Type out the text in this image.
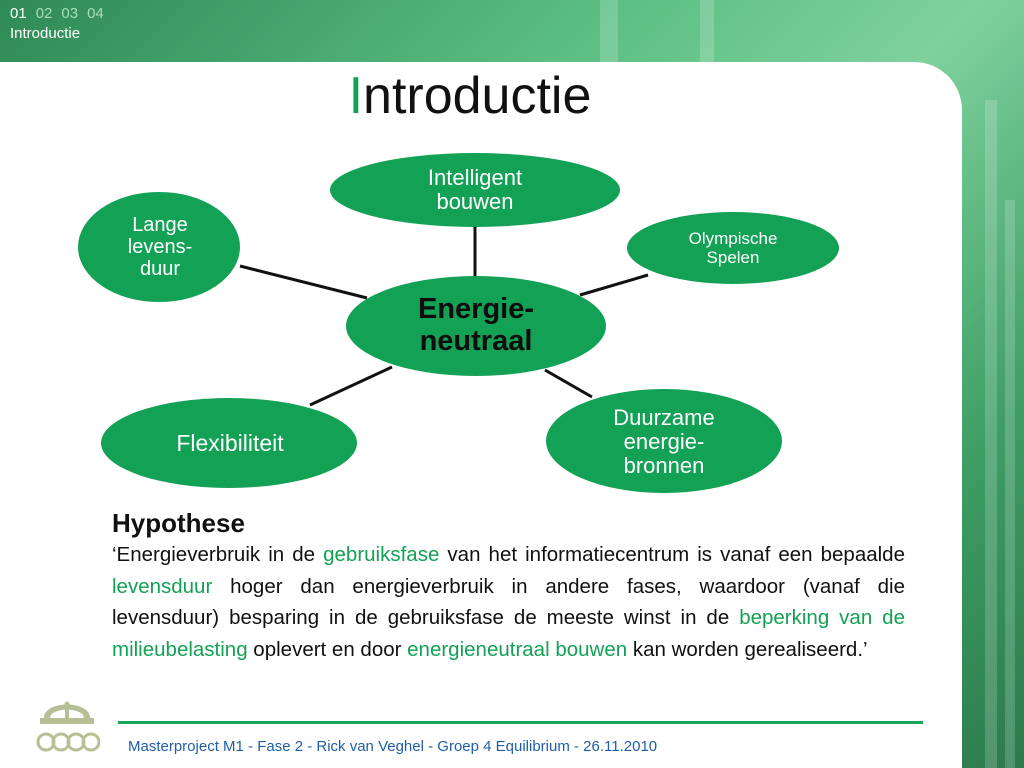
01 02 03 04
Introductie
Introductie
Intelligent
bouwen
Olympische
Spelen
Lange
levens-
duur
Energie-
neutraal
Flexibiliteit
Duurzame
energie-
bronnen

Hypothese

‘Energieverbruik in de gebruiksfase van het informatiecentrum is vanaf een bepaalde levensduur hoger dan energieverbruik in andere fases, waardoor (vanaf die levensduur) besparing in de gebruiksfase de meeste winst in de beperking van de milieubelasting oplevert en door energieneutraal bouwen kan worden gerealiseerd.’

Masterproject M1 - Fase 2 - Rick van Veghel - Groep 4 Equilibrium - 26.11.2010
